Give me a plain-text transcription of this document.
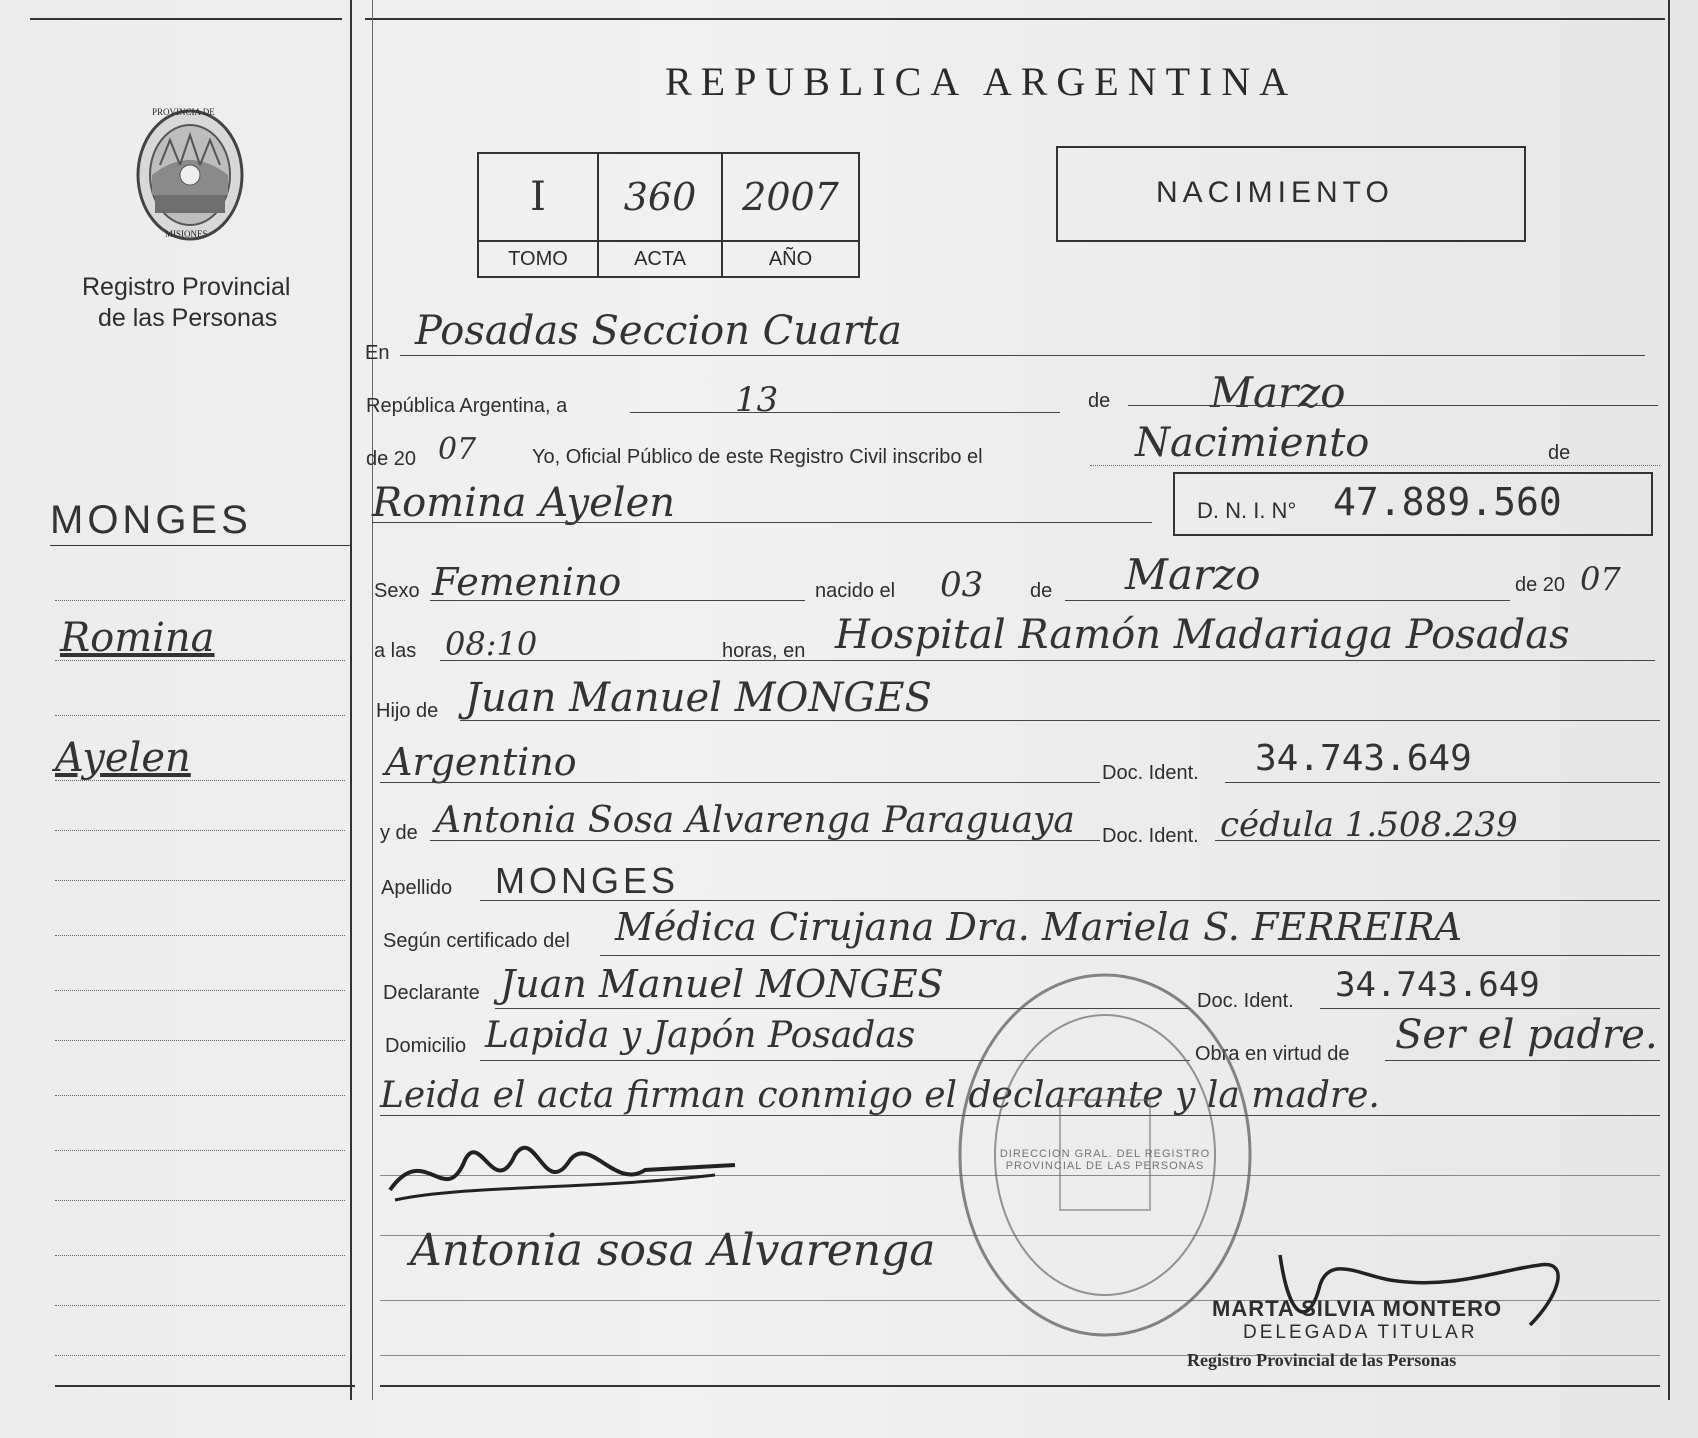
PROVINCIA DE
MISIONES
Registro Provincial
de las Personas
REPUBLICA ARGENTINA
I	360	2007
TOMO	ACTA	AÑO
NACIMIENTO
MONGES
Romina
Ayelen
En Posadas Seccion Cuarta
República Argentina, a	13	de Marzo
de 20 07	Yo, Oficial Público de este Registro Civil inscribo el	Nacimiento	de
Romina Ayelen	D. N. I. N° 47.889.560
Sexo Femenino	nacido el 03 de Marzo	de 20 07
a las 08:10	horas, en Hospital Ramón Madariaga Posadas
Hijo de Juan Manuel MONGES
Argentino	Doc. Ident. 34.743.649
y de Antonia Sosa Alvarenga Paraguaya Doc. Ident. cédula 1.508.239
Apellido MONGES
Según certificado del Médica Cirujana Dra. Mariela S. FERREIRA
Declarante Juan Manuel MONGES	Doc. Ident. 34.743.649
Domicilio Lapida y Japón Posadas	Obra en virtud de Ser el padre.
Leida el acta firman conmigo el declarante y la madre.
Antonia sosa Alvarenga
DIRECCION GRAL. DEL REGISTRO PROVINCIAL DE LAS PERSONAS
MARTA SILVIA MONTERO
DELEGADA TITULAR
Registro Provincial de las Personas
